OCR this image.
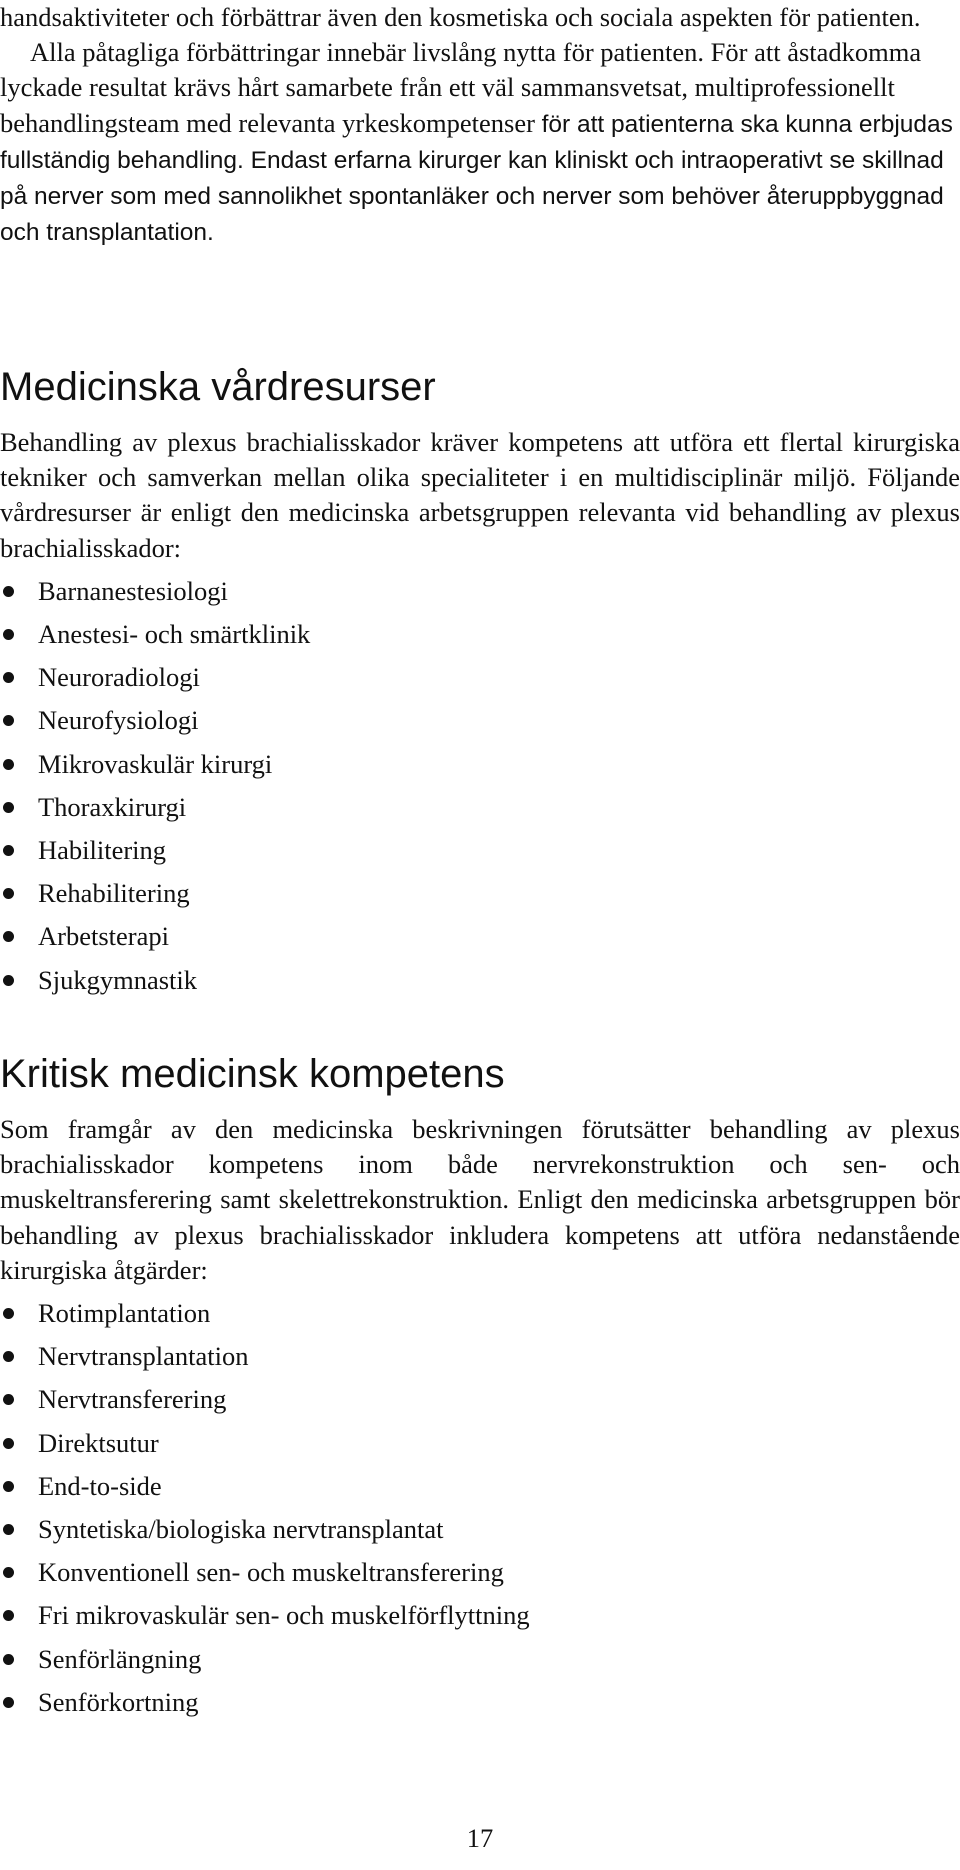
handsaktiviteter och förbättrar även den kosmetiska och sociala aspekten för patienten.

Alla påtagliga förbättringar innebär livslång nytta för patienten. För att åstadkomma lyckade resultat krävs hårt samarbete från ett väl sammansvetsat, multiprofessionellt behandlingsteam med relevanta yrkeskompetenser för att patienterna ska kunna erbjudas fullständig behandling. Endast erfarna kirurger kan kliniskt och intraoperativt se skillnad på nerver som med sannolikhet spontanläker och nerver som behöver återuppbyggnad och transplantation.

Medicinska vårdresurser

Behandling av plexus brachialisskador kräver kompetens att utföra ett flertal kirurgiska tekniker och samverkan mellan olika specialiteter i en multidisciplinär miljö. Följande vårdresurser är enligt den medicinska arbetsgruppen relevanta vid behandling av plexus brachialisskador:

Barnanestesiologi
Anestesi- och smärtklinik
Neuroradiologi
Neurofysiologi
Mikrovaskulär kirurgi
Thoraxkirurgi
Habilitering
Rehabilitering
Arbetsterapi
Sjukgymnastik
Kritisk medicinsk kompetens

Som framgår av den medicinska beskrivningen förutsätter behandling av plexus brachialisskador kompetens inom både nervrekonstruktion och sen- och muskeltransferering samt skelettrekonstruktion. Enligt den medicinska arbetsgruppen bör behandling av plexus brachialisskador inkludera kompetens att utföra nedanstående kirurgiska åtgärder:

Rotimplantation
Nervtransplantation
Nervtransferering
Direktsutur
End-to-side
Syntetiska/biologiska nervtransplantat
Konventionell sen- och muskeltransferering
Fri mikrovaskulär sen- och muskelförflyttning
Senförlängning
Senförkortning
17
